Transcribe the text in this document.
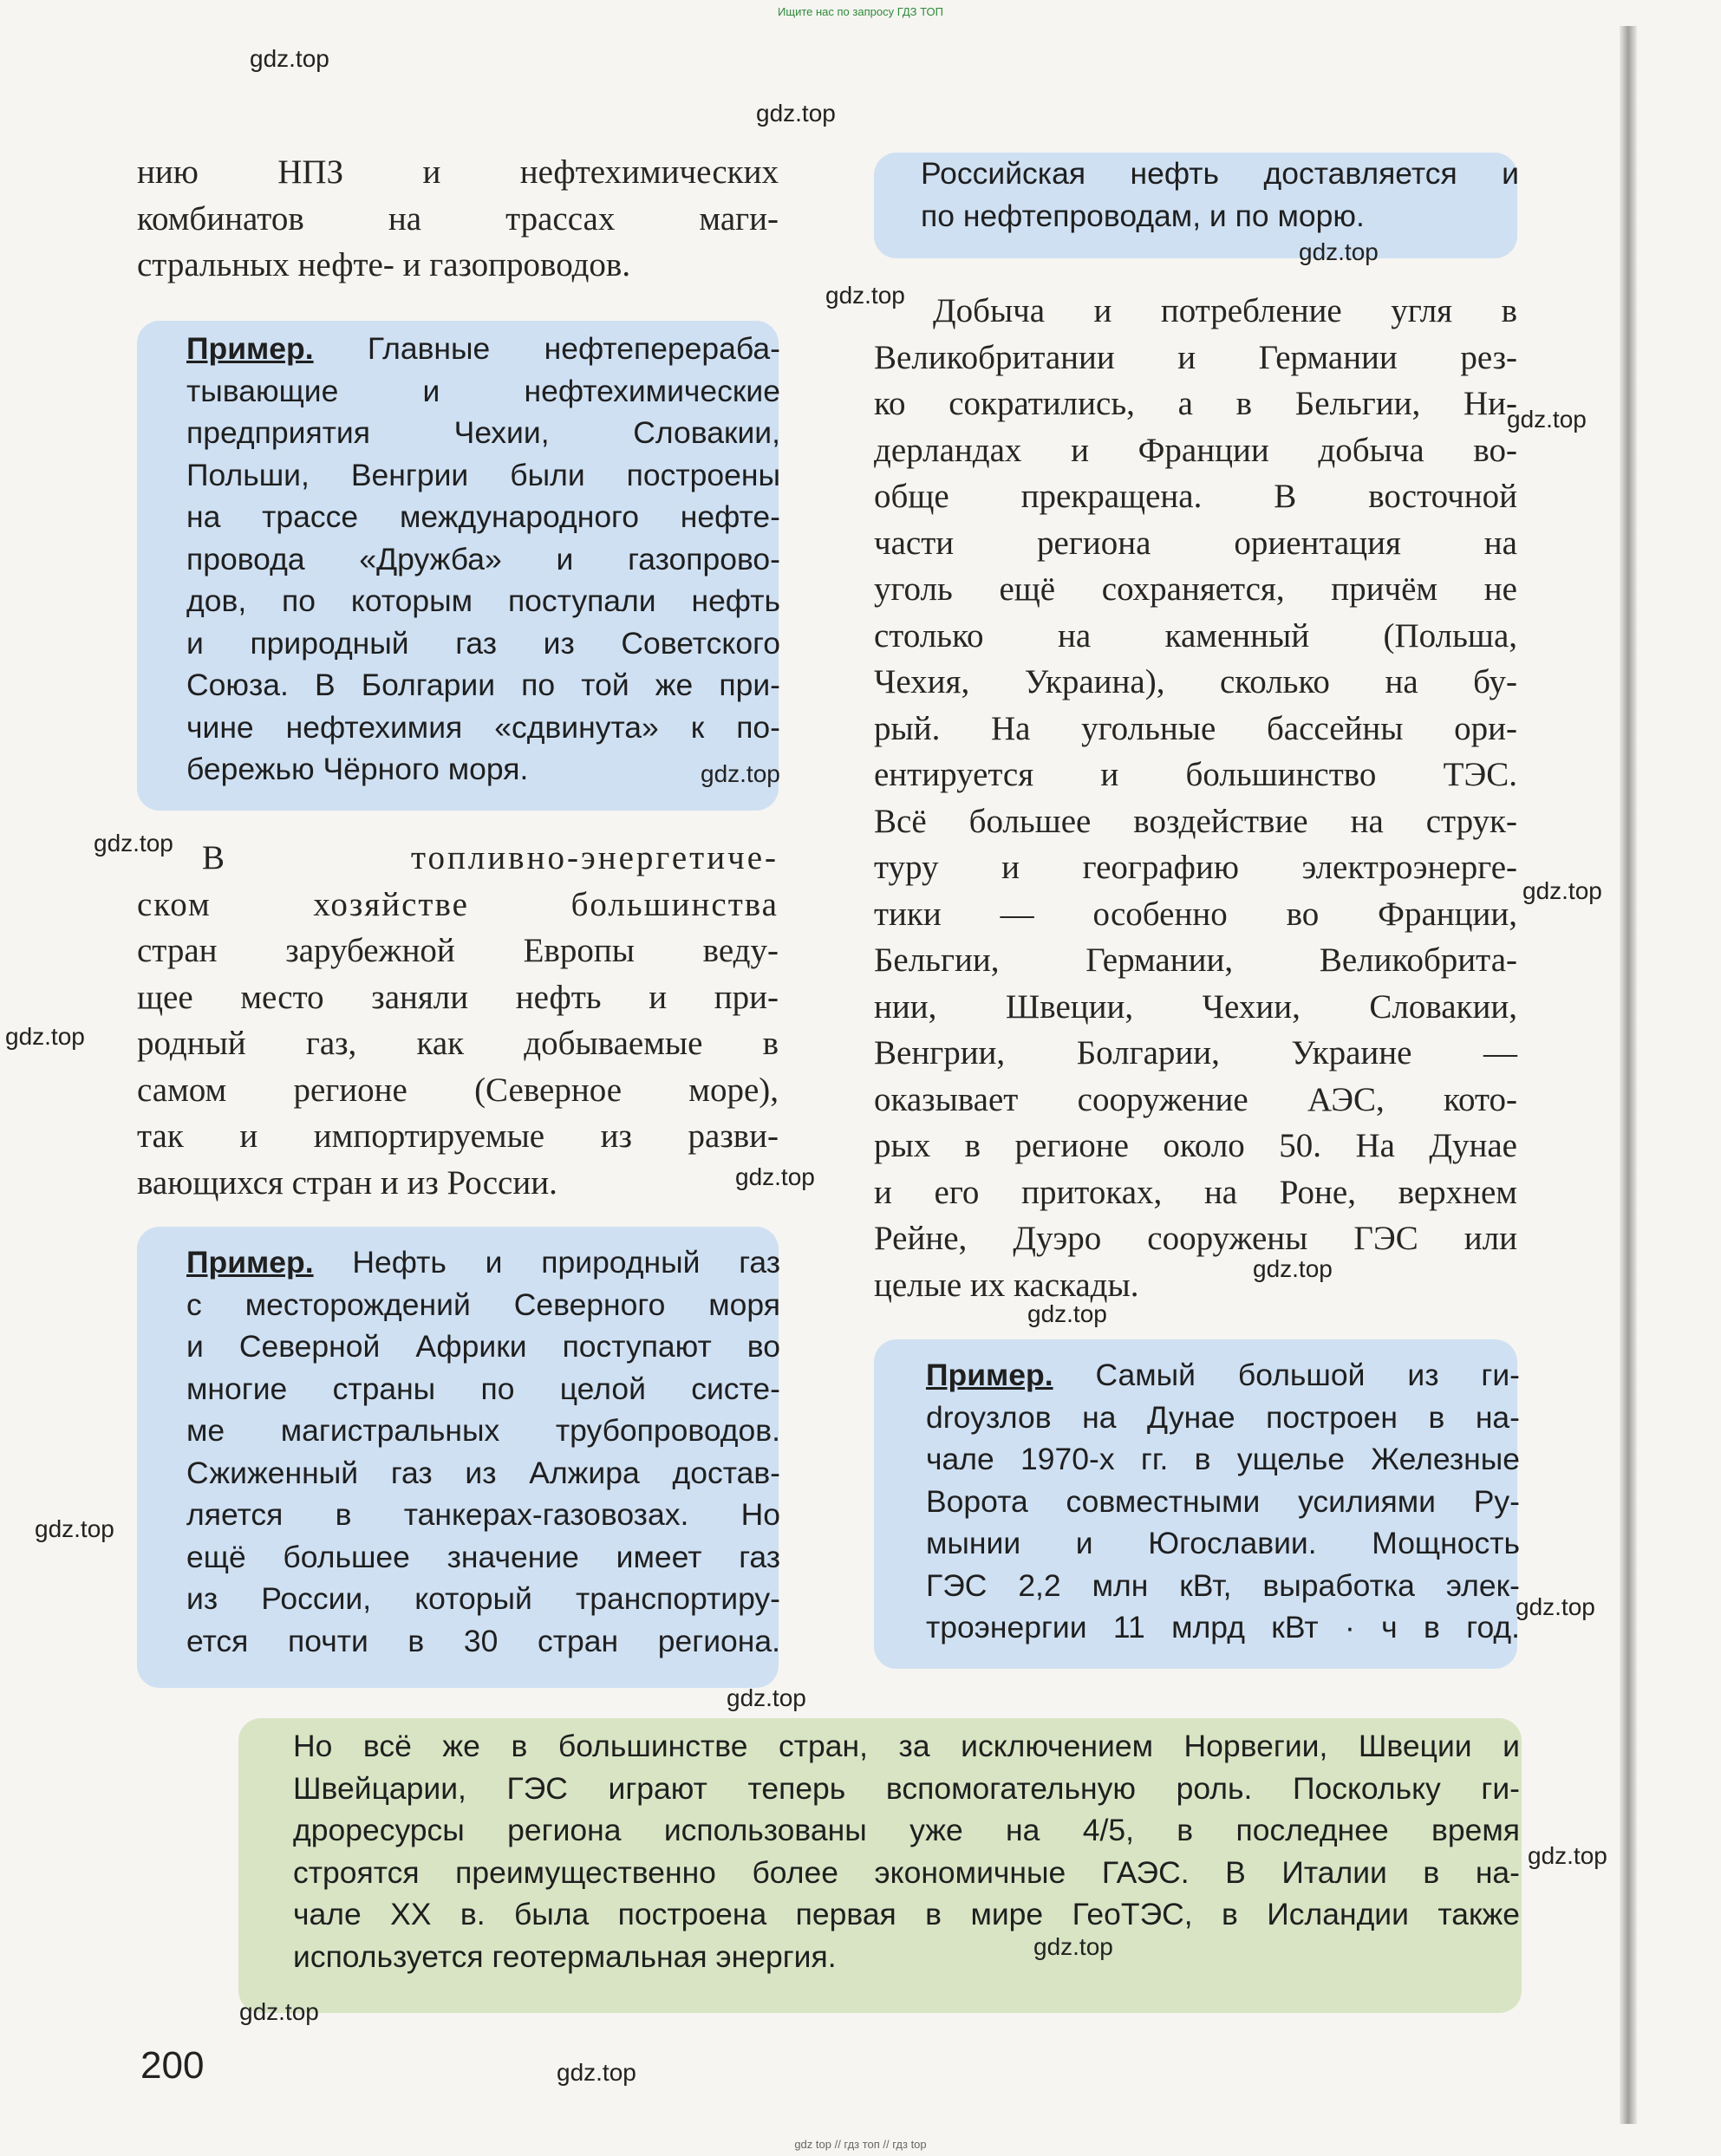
Ищите нас по запросу ГДЗ ТОП

нию НПЗ и нефтехимических
комбинатов на трассах маги-
стральных нефте- и газопроводов.

Пример. Главные нефтеперераба-
тывающие и нефтехимические
предприятия Чехии, Словакии,
Польши, Венгрии были построены
на трассе международного нефте-
провода «Дружба» и газопрово-
дов, по которым поступали нефть
и природный газ из Советского
Союза. В Болгарии по той же при-
чине нефтехимия «сдвинута» к по-
бережью Чёрного моря.

В топливно-энергетиче-
ском хозяйстве большинства
стран зарубежной Европы веду-
щее место заняли нефть и при-
родный газ, как добываемые в
самом регионе (Северное море),
так и импортируемые из разви-
вающихся стран и из России.

Пример. Нефть и природный газ
с месторождений Северного моря
и Северной Африки поступают во
многие страны по целой систе-
ме магистральных трубопроводов.
Сжиженный газ из Алжира достав-
ляется в танкерах-газовозах. Но
ещё большее значение имеет газ
из России, который транспортиру-
ется почти в 30 стран региона.

Российская нефть доставляется и
по нефтепроводам, и по морю.

Добыча и потребление угля в
Великобритании и Германии рез-
ко сократились, а в Бельгии, Ни-
дерландах и Франции добыча во-
обще прекращена. В восточной
части региона ориентация на
уголь ещё сохраняется, причём не
столько на каменный (Польша,
Чехия, Украина), сколько на бу-
рый. На угольные бассейны ори-
ентируется и большинство ТЭС.
Всё большее воздействие на струк-
туру и географию электроэнерге-
тики — особенно во Франции,
Бельгии, Германии, Великобрита-
нии, Швеции, Чехии, Словакии,
Венгрии, Болгарии, Украине —
оказывает сооружение АЭС, кото-
рых в регионе около 50. На Дунае
и его притоках, на Роне, верхнем
Рейне, Дуэро сооружены ГЭС или
целые их каскады.

Пример. Самый большой из ги-
droузлов на Дунае построен в на-
чале 1970-х гг. в ущелье Железные
Ворота совместными усилиями Ру-
мынии и Югославии. Мощность
ГЭС 2,2 млн кВт, выработка элек-
троэнергии 11 млрд кВт · ч в год.

Но всё же в большинстве стран, за исключением Норвегии, Швеции и
Швейцарии, ГЭС играют теперь вспомогательную роль. Поскольку ги-
дроресурсы региона использованы уже на 4/5, в последнее время
строятся преимущественно более экономичные ГАЭС. В Италии в на-
чале XX в. была построена первая в мире ГеоТЭС, в Исландии также
используется геотермальная энергия.

200
gdz.top
gdz.top
gdz.top
gdz.top
gdz.top
gdz.top
gdz.top
gdz.top
gdz.top
gdz.top
gdz.top
gdz.top
gdz.top
gdz.top
gdz.top
gdz.top
gdz.top
gdz.top
gdz.top
gdz top // гдз топ // гдз top
